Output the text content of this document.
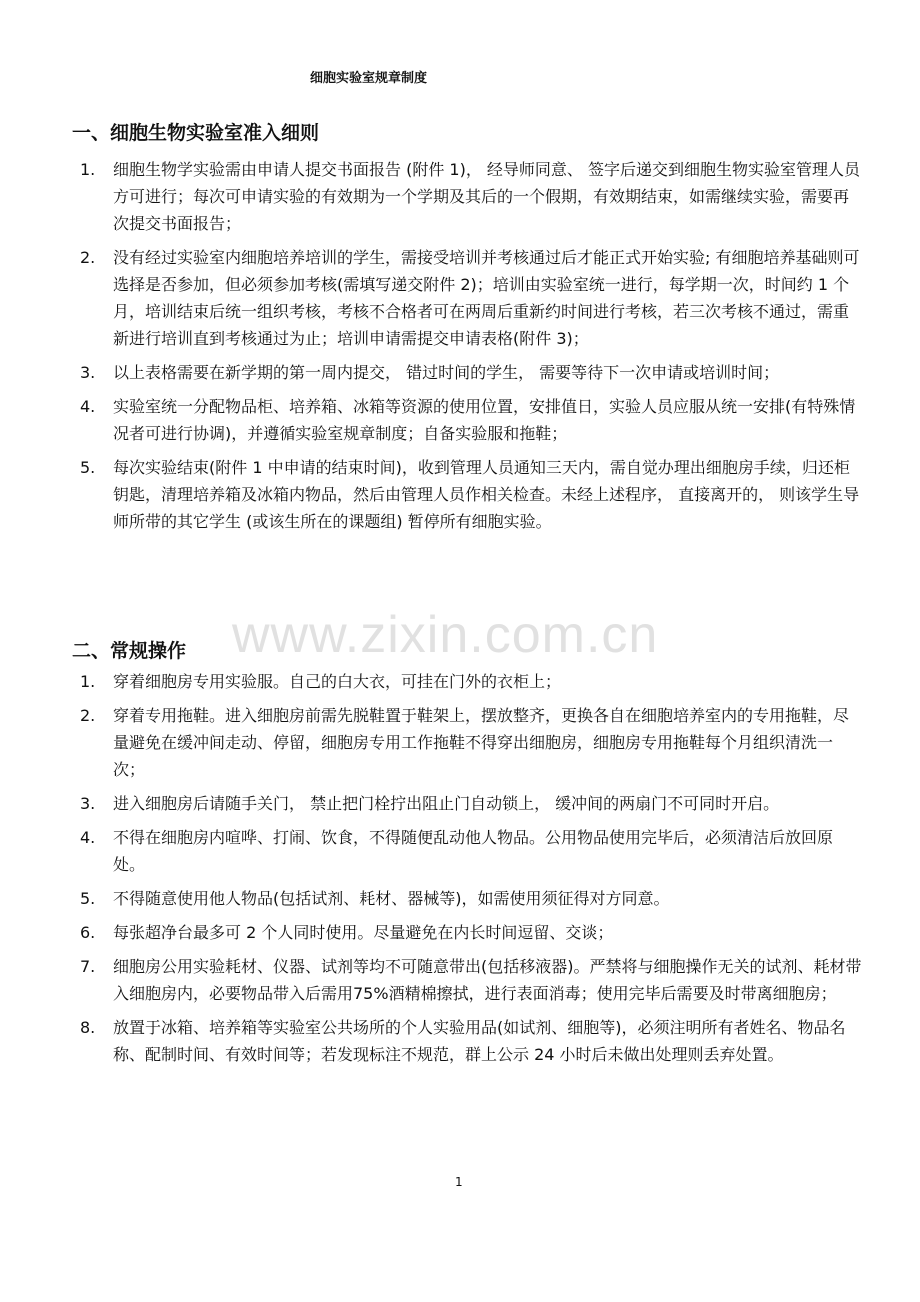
细胞实验室规章制度
一、细胞生物实验室准入细则
1. 细胞生物学实验需由申请人提交书面报告 (附件 1)， 经导师同意、 签字后递交到细胞生物实验室管理人员方可进行；每次可申请实验的有效期为一个学期及其后的一个假期，有效期结束，如需继续实验，需要再次提交书面报告；
2. 没有经过实验室内细胞培养培训的学生，需接受培训并考核通过后才能正式开始实验; 有细胞培养基础则可选择是否参加，但必须参加考核(需填写递交附件 2)；培训由实验室统一进行，每学期一次，时间约 1 个月，培训结束后统一组织考核，考核不合格者可在两周后重新约时间进行考核，若三次考核不通过，需重新进行培训直到考核通过为止；培训申请需提交申请表格(附件 3)；
3. 以上表格需要在新学期的第一周内提交， 错过时间的学生， 需要等待下一次申请或培训时间；
4. 实验室统一分配物品柜、培养箱、冰箱等资源的使用位置，安排值日，实验人员应服从统一安排(有特殊情况者可进行协调)，并遵循实验室规章制度；自备实验服和拖鞋；
5. 每次实验结束(附件 1 中申请的结束时间)，收到管理人员通知三天内，需自觉办理出细胞房手续，归还柜钥匙，清理培养箱及冰箱内物品，然后由管理人员作相关检查。未经上述程序， 直接离开的， 则该学生导师所带的其它学生 (或该生所在的课题组) 暂停所有细胞实验。
www.zixin.com.cn
二、常规操作
1. 穿着细胞房专用实验服。自己的白大衣，可挂在门外的衣柜上；
2. 穿着专用拖鞋。进入细胞房前需先脱鞋置于鞋架上，摆放整齐，更换各自在细胞培养室内的专用拖鞋，尽量避免在缓冲间走动、停留，细胞房专用工作拖鞋不得穿出细胞房，细胞房专用拖鞋每个月组织清洗一次；
3. 进入细胞房后请随手关门， 禁止把门栓拧出阻止门自动锁上， 缓冲间的两扇门不可同时开启。
4. 不得在细胞房内喧哗、打闹、饮食，不得随便乱动他人物品。公用物品使用完毕后，必须清洁后放回原处。
5. 不得随意使用他人物品(包括试剂、耗材、器械等)，如需使用须征得对方同意。
6. 每张超净台最多可 2 个人同时使用。尽量避免在内长时间逗留、交谈；
7. 细胞房公用实验耗材、仪器、试剂等均不可随意带出(包括移液器)。严禁将与细胞操作无关的试剂、耗材带入细胞房内，必要物品带入后需用75%酒精棉擦拭，进行表面消毒；使用完毕后需要及时带离细胞房；
8. 放置于冰箱、培养箱等实验室公共场所的个人实验用品(如试剂、细胞等)，必须注明所有者姓名、物品名称、配制时间、有效时间等；若发现标注不规范，群上公示 24 小时后未做出处理则丢弃处置。
1
